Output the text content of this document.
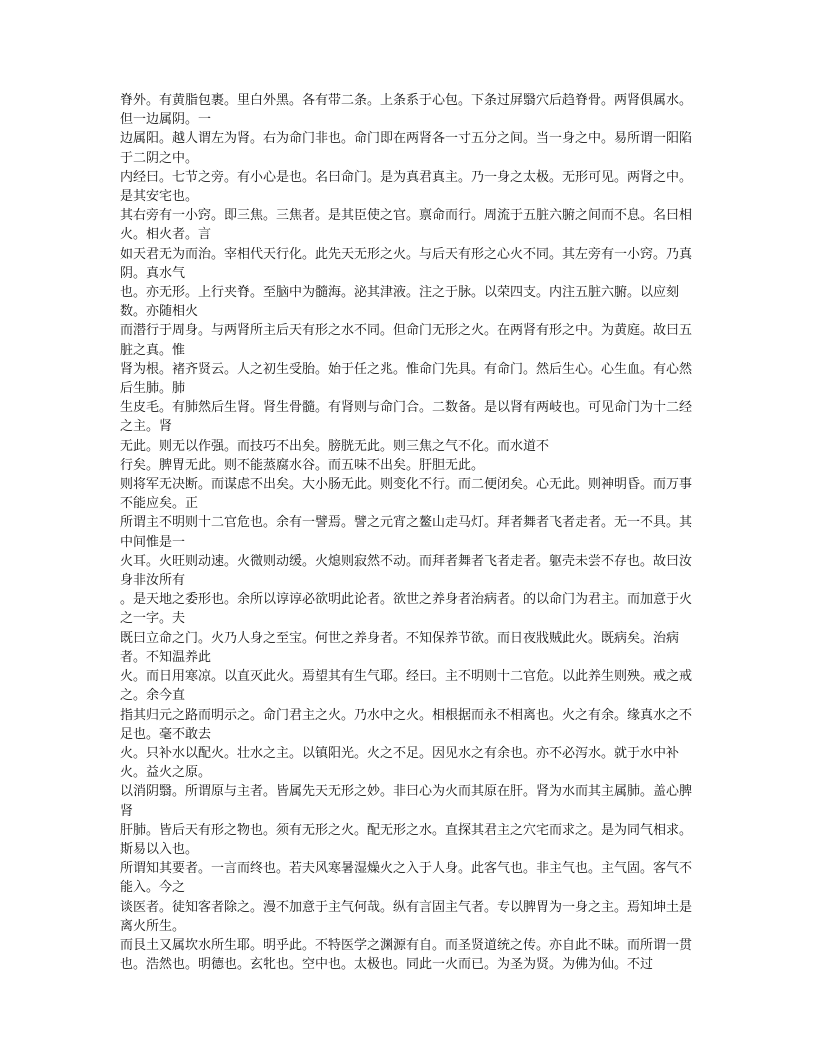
脊外。有黄脂包裹。里白外黑。各有带二条。上条系于心包。下条过屏翳穴后趋脊骨。两肾俱属水。但一边属阴。一

边属阳。越人谓左为肾。右为命门非也。命门即在两肾各一寸五分之间。当一身之中。易所谓一阳陷于二阴之中。

内经曰。七节之旁。有小心是也。名曰命门。是为真君真主。乃一身之太极。无形可见。两肾之中。是其安宅也。

其右旁有一小窍。即三焦。三焦者。是其臣使之官。禀命而行。周流于五脏六腑之间而不息。名曰相火。相火者。言

如天君无为而治。宰相代天行化。此先天无形之火。与后天有形之心火不同。其左旁有一小窍。乃真阴。真水气

也。亦无形。上行夹脊。至脑中为髓海。泌其津液。注之于脉。以荣四支。内注五脏六腑。以应刻数。亦随相火

而潜行于周身。与两肾所主后天有形之水不同。但命门无形之火。在两肾有形之中。为黄庭。故曰五脏之真。惟

肾为根。褚齐贤云。人之初生受胎。始于任之兆。惟命门先具。有命门。然后生心。心生血。有心然后生肺。肺

生皮毛。有肺然后生肾。肾生骨髓。有肾则与命门合。二数备。是以肾有两岐也。可见命门为十二经之主。肾

无此。则无以作强。而技巧不出矣。膀胱无此。则三焦之气不化。而水道不

行矣。脾胃无此。则不能蒸腐水谷。而五味不出矣。肝胆无此。

则将军无决断。而谋虑不出矣。大小肠无此。则变化不行。而二便闭矣。心无此。则神明昏。而万事不能应矣。正

所谓主不明则十二官危也。余有一譬焉。譬之元宵之鳌山走马灯。拜者舞者飞者走者。无一不具。其中间惟是一

火耳。火旺则动速。火微则动缓。火熄则寂然不动。而拜者舞者飞者走者。躯壳未尝不存也。故曰汝身非汝所有

。是天地之委形也。余所以谆谆必欲明此论者。欲世之养身者治病者。的以命门为君主。而加意于火之一字。夫

既曰立命之门。火乃人身之至宝。何世之养身者。不知保养节欲。而日夜戕贼此火。既病矣。治病者。不知温养此

火。而日用寒凉。以直灭此火。焉望其有生气耶。经曰。主不明则十二官危。以此养生则殃。戒之戒之。余今直

指其归元之路而明示之。命门君主之火。乃水中之火。相根据而永不相离也。火之有余。缘真水之不足也。毫不敢去

火。只补水以配火。壮水之主。以镇阳光。火之不足。因见水之有余也。亦不必泻水。就于水中补火。益火之原。

以消阴翳。所谓原与主者。皆属先天无形之妙。非曰心为火而其原在肝。肾为水而其主属肺。盖心脾肾

肝肺。皆后天有形之物也。须有无形之火。配无形之水。直探其君主之穴宅而求之。是为同气相求。斯易以入也。

所谓知其要者。一言而终也。若夫风寒暑湿燥火之入于人身。此客气也。非主气也。主气固。客气不能入。今之

谈医者。徒知客者除之。漫不加意于主气何哉。纵有言固主气者。专以脾胃为一身之主。焉知坤土是离火所生。

而艮土又属坎水所生耶。明乎此。不特医学之渊源有自。而圣贤道统之传。亦自此不昧。而所谓一贯

也。浩然也。明德也。玄牝也。空中也。太极也。同此一火而已。为圣为贤。为佛为仙。不过
